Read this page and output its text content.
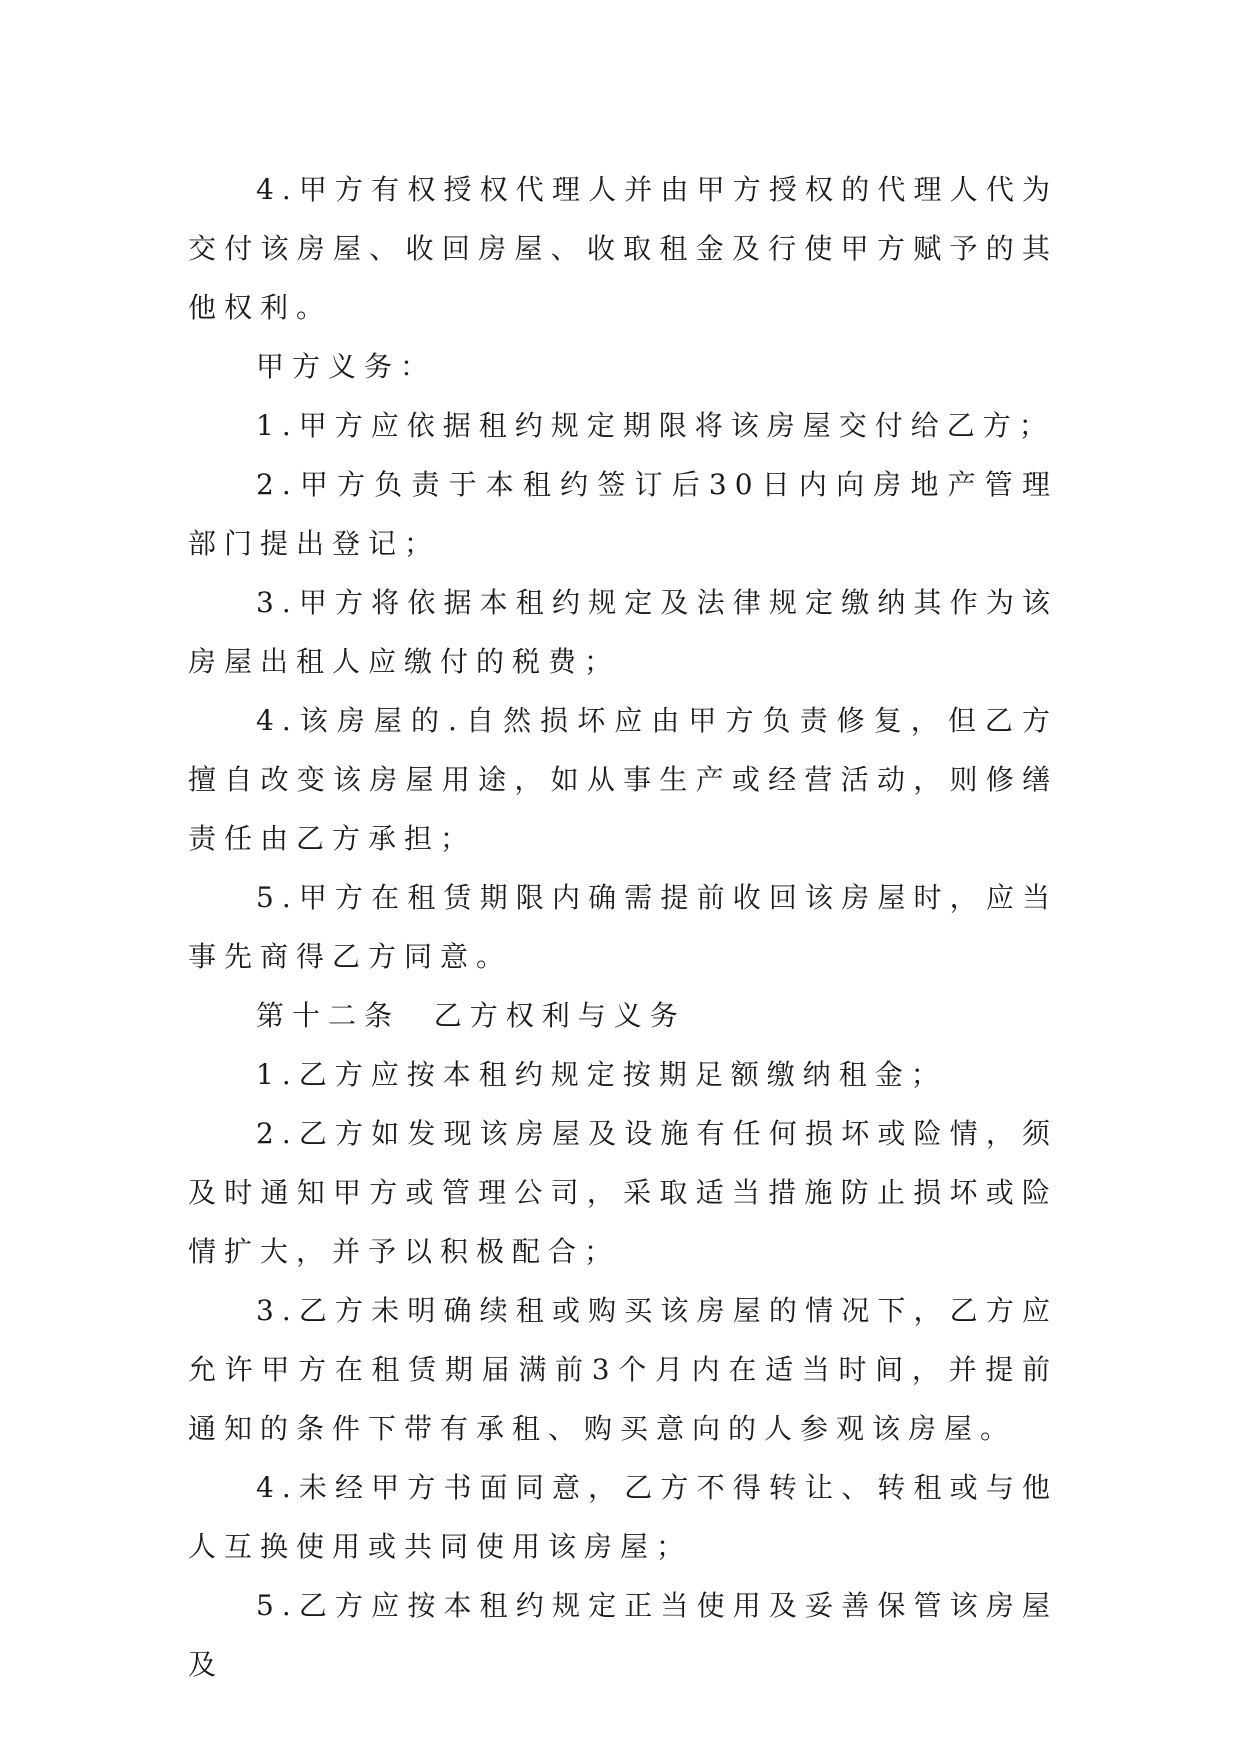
4.甲方有权授权代理人并由甲方授权的代理人代为交付该房屋、收回房屋、收取租金及行使甲方赋予的其他权利。

甲方义务：

1.甲方应依据租约规定期限将该房屋交付给乙方；

2.甲方负责于本租约签订后30日内向房地产管理部门提出登记；

3.甲方将依据本租约规定及法律规定缴纳其作为该房屋出租人应缴付的税费；

4.该房屋的.自然损坏应由甲方负责修复，但乙方擅自改变该房屋用途，如从事生产或经营活动，则修缮责任由乙方承担；

5.甲方在租赁期限内确需提前收回该房屋时，应当事先商得乙方同意。

第十二条  乙方权利与义务

1.乙方应按本租约规定按期足额缴纳租金；

2.乙方如发现该房屋及设施有任何损坏或险情，须及时通知甲方或管理公司，采取适当措施防止损坏或险情扩大，并予以积极配合；

3.乙方未明确续租或购买该房屋的情况下，乙方应允许甲方在租赁期届满前3个月内在适当时间，并提前通知的条件下带有承租、购买意向的人参观该房屋。

4.未经甲方书面同意，乙方不得转让、转租或与他人互换使用或共同使用该房屋；

5.乙方应按本租约规定正当使用及妥善保管该房屋及
